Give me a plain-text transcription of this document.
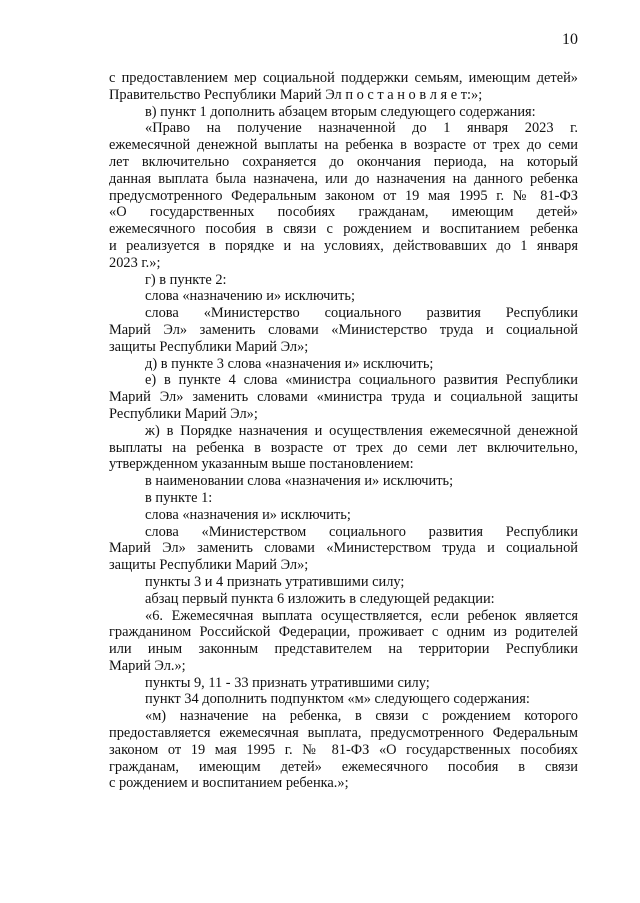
10
с предоставлением мер социальной поддержки семьям, имеющим детей»
Правительство Республики Марий Эл п о с т а н о в л я е т:»;
в) пункт 1 дополнить абзацем вторым следующего содержания:
«Право на получение назначенной до 1 января 2023 г.
ежемесячной денежной выплаты на ребенка в возрасте от трех до семи
лет включительно сохраняется до окончания периода, на который
данная выплата была назначена, или до назначения на данного ребенка
предусмотренного Федеральным законом от 19 мая 1995 г. № 81-ФЗ
«О государственных пособиях гражданам, имеющим детей»
ежемесячного пособия в связи с рождением и воспитанием ребенка
и реализуется в порядке и на условиях, действовавших до 1 января
2023 г.»;
г) в пункте 2:
слова «назначению и» исключить;
слова «Министерство социального развития Республики
Марий Эл» заменить словами «Министерство труда и социальной
защиты Республики Марий Эл»;
д) в пункте 3 слова «назначения и» исключить;
е) в пункте 4 слова «министра социального развития Республики
Марий Эл» заменить словами «министра труда и социальной защиты
Республики Марий Эл»;
ж) в Порядке назначения и осуществления ежемесячной денежной
выплаты на ребенка в возрасте от трех до семи лет включительно,
утвержденном указанным выше постановлением:
в наименовании слова «назначения и» исключить;
в пункте 1:
слова «назначения и» исключить;
слова «Министерством социального развития Республики
Марий Эл» заменить словами «Министерством труда и социальной
защиты Республики Марий Эл»;
пункты 3 и 4 признать утратившими силу;
абзац первый пункта 6 изложить в следующей редакции:
«6. Ежемесячная выплата осуществляется, если ребенок является
гражданином Российской Федерации, проживает с одним из родителей
или иным законным представителем на территории Республики
Марий Эл.»;
пункты 9, 11 - 33 признать утратившими силу;
пункт 34 дополнить подпунктом «м» следующего содержания:
«м) назначение на ребенка, в связи с рождением которого
предоставляется ежемесячная выплата, предусмотренного Федеральным
законом от 19 мая 1995 г. № 81-ФЗ «О государственных пособиях
гражданам, имеющим детей» ежемесячного пособия в связи
с рождением и воспитанием ребенка.»;
